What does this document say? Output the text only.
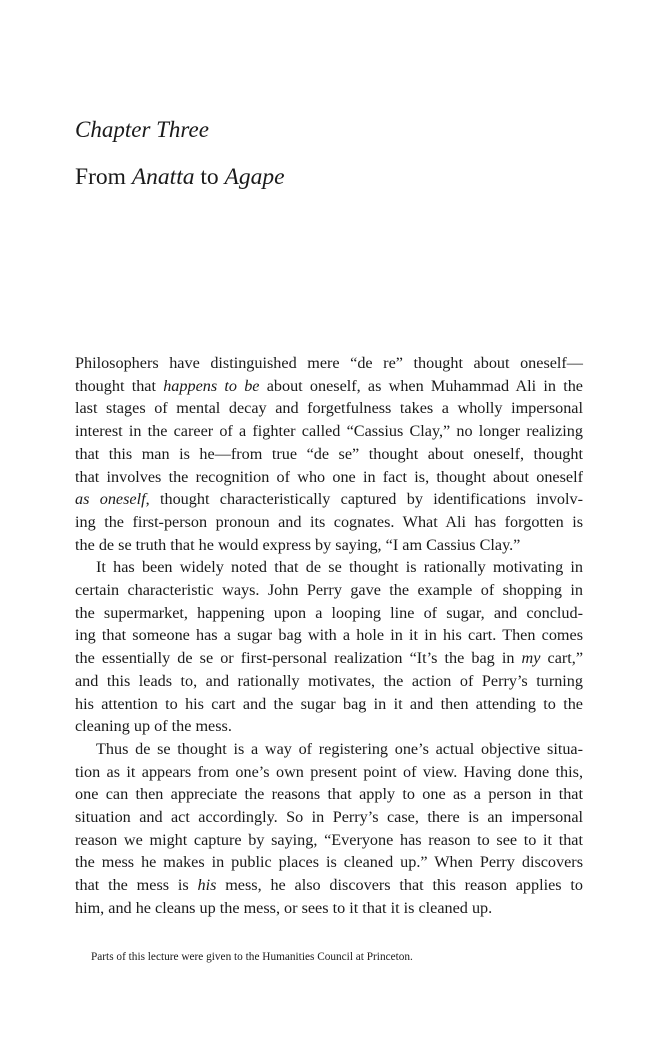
Chapter Three
From Anatta to Agape

Philosophers have distinguished mere “de re” thought about oneself—
thought that happens to be about oneself, as when Muhammad Ali in the
last stages of mental decay and forgetfulness takes a wholly impersonal
interest in the career of a fighter called “Cassius Clay,” no longer realizing
that this man is he—from true “de se” thought about oneself, thought
that involves the recognition of who one in fact is, thought about oneself
as oneself, thought characteristically captured by identifications involv-
ing the first-person pronoun and its cognates. What Ali has forgotten is
the de se truth that he would express by saying, “I am Cassius Clay.”

It has been widely noted that de se thought is rationally motivating in
certain characteristic ways. John Perry gave the example of shopping in
the supermarket, happening upon a looping line of sugar, and conclud-
ing that someone has a sugar bag with a hole in it in his cart. Then comes
the essentially de se or first-personal realization “It’s the bag in my cart,”
and this leads to, and rationally motivates, the action of Perry’s turning
his attention to his cart and the sugar bag in it and then attending to the
cleaning up of the mess.

Thus de se thought is a way of registering one’s actual objective situa-
tion as it appears from one’s own present point of view. Having done this,
one can then appreciate the reasons that apply to one as a person in that
situation and act accordingly. So in Perry’s case, there is an impersonal
reason we might capture by saying, “Everyone has reason to see to it that
the mess he makes in public places is cleaned up.” When Perry discovers
that the mess is his mess, he also discovers that this reason applies to
him, and he cleans up the mess, or sees to it that it is cleaned up.

Parts of this lecture were given to the Humanities Council at Princeton.
